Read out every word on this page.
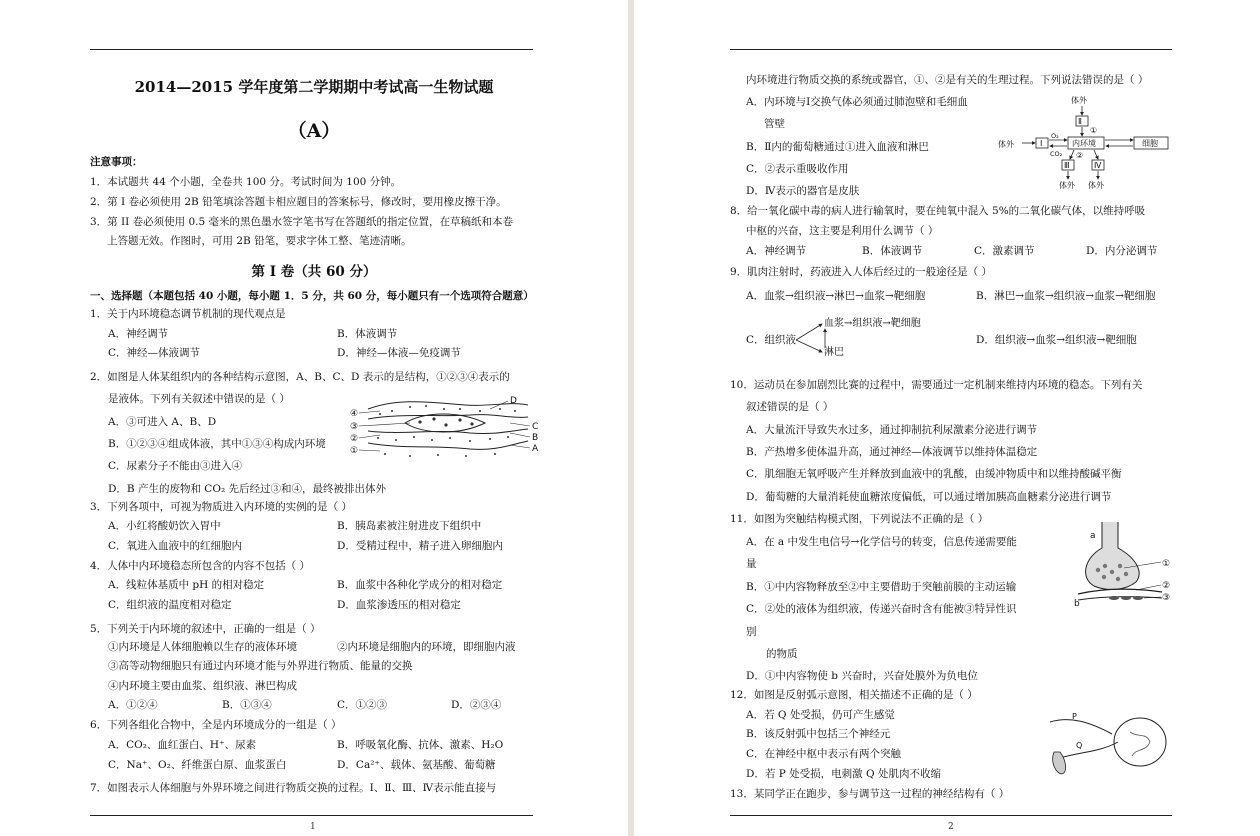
2014—2015 学年度第二学期期中考试高一生物试题
（A）
注意事项：
1．本试题共 44 个小题，全卷共 100 分。考试时间为 100 分钟。
2．第 I 卷必须使用 2B 铅笔填涂答题卡相应题目的答案标号，修改时，要用橡皮擦干净。
3．第 II 卷必须使用 0.5 毫米的黑色墨水签字笔书写在答题纸的指定位置，在草稿纸和本卷
上答题无效。作图时，可用 2B 铅笔，要求字体工整、笔迹清晰。
第 I 卷（共 60 分）
一、选择题（本题包括 40 小题，每小题 1．5 分，共 60 分，每小题只有一个选项符合题意）
1．关于内环境稳态调节机制的现代观点是
A．神经调节	B．体液调节
C．神经—体液调节	D．神经—体液—免疫调节
2．如图是人体某组织内的各种结构示意图，A、B、C、D 表示的是结构，①②③④表示的
是液体。下列有关叙述中错误的是（ ）
A．③可进入 A、B、D
B．①②③④组成体液，其中①③④构成内环境
C．尿素分子不能由③进入④
D．B 产生的废物和 CO₂ 先后经过③和④，最终被排出体外
④
③
②
①
D
C
B
A
3．下列各项中，可视为物质进入内环境的实例的是（ ）
A．小红将酸奶饮入胃中	B．胰岛素被注射进皮下组织中
C．氧进入血液中的红细胞内	D．受精过程中，精子进入卵细胞内
4．人体中内环境稳态所包含的内容不包括（ ）
A．线粒体基质中 pH 的相对稳定	B．血浆中各种化学成分的相对稳定
C．组织液的温度相对稳定	D．血浆渗透压的相对稳定
5．下列关于内环境的叙述中，正确的一组是（ ）
①内环境是人体细胞赖以生存的液体环境	②内环境是细胞内的环境，即细胞内液
③高等动物细胞只有通过内环境才能与外界进行物质、能量的交换
④内环境主要由血浆、组织液、淋巴构成
A．①②④	B．①③④	C．①②③	D．②③④
6．下列各组化合物中，全是内环境成分的一组是（ ）
A．CO₂、血红蛋白、H⁺、尿素	B．呼吸氧化酶、抗体、激素、H₂O
C．Na⁺、O₂、纤维蛋白原、血浆蛋白	D．Ca²⁺、载体、氨基酸、葡萄糖
7．如图表示人体细胞与外界环境之间进行物质交换的过程。Ⅰ、Ⅱ、Ⅲ、Ⅳ表示能直接与
1
内环境进行物质交换的系统或器官，①、②是有关的生理过程。下列说法错误的是（ ）
A．内环境与Ⅰ交换气体必须通过肺泡壁和毛细血
管壁
B．Ⅱ内的葡萄糖通过①进入血液和淋巴
C．②表示重吸收作用
D．Ⅳ表示的器官是皮肤
体外
体外
体外 体外
Ⅱ
Ⅰ	内环境	细胞
Ⅲ	Ⅳ
①
②
O₂
CO₂
8．给一氧化碳中毒的病人进行输氧时，要在纯氧中混入 5%的二氧化碳气体，以维持呼吸
中枢的兴奋，这主要是利用什么调节（ ）
A．神经调节	B．体液调节	C．激素调节	D．内分泌调节
9．肌肉注射时，药液进入人体后经过的一般途径是（ ）
A．血浆→组织液→淋巴→血浆→靶细胞	B．淋巴→血浆→组织液→血浆→靶细胞
C．组织液
血浆→组织液→靶细胞
淋巴
D．组织液→血浆→组织液→靶细胞
10．运动员在参加剧烈比赛的过程中，需要通过一定机制来维持内环境的稳态。下列有关
叙述错误的是（ ）
A．大量流汗导致失水过多，通过抑制抗利尿激素分泌进行调节
B．产热增多使体温升高，通过神经—体液调节以维持体温稳定
C．肌细胞无氧呼吸产生并释放到血液中的乳酸，由缓冲物质中和以维持酸碱平衡
D．葡萄糖的大量消耗使血糖浓度偏低，可以通过增加胰高血糖素分泌进行调节
11．如图为突触结构模式图，下列说法不正确的是（ ）
A．在 a 中发生电信号→化学信号的转变，信息传递需要能
量
B．①中内容物释放至②中主要借助于突触前膜的主动运输
C．②处的液体为组织液，传递兴奋时含有能被③特异性识
别
的物质
D．①中内容物使 b 兴奋时，兴奋处膜外为负电位
a
b
①
②
③
12．如图是反射弧示意图，相关描述不正确的是（ ）
A．若 Q 处受损，仍可产生感觉
B．该反射弧中包括三个神经元
C．在神经中枢中表示有两个突触
D．若 P 处受损，电刺激 Q 处肌肉不收缩
P
Q
13．某同学正在跑步，参与调节这一过程的神经结构有（ ）
2
